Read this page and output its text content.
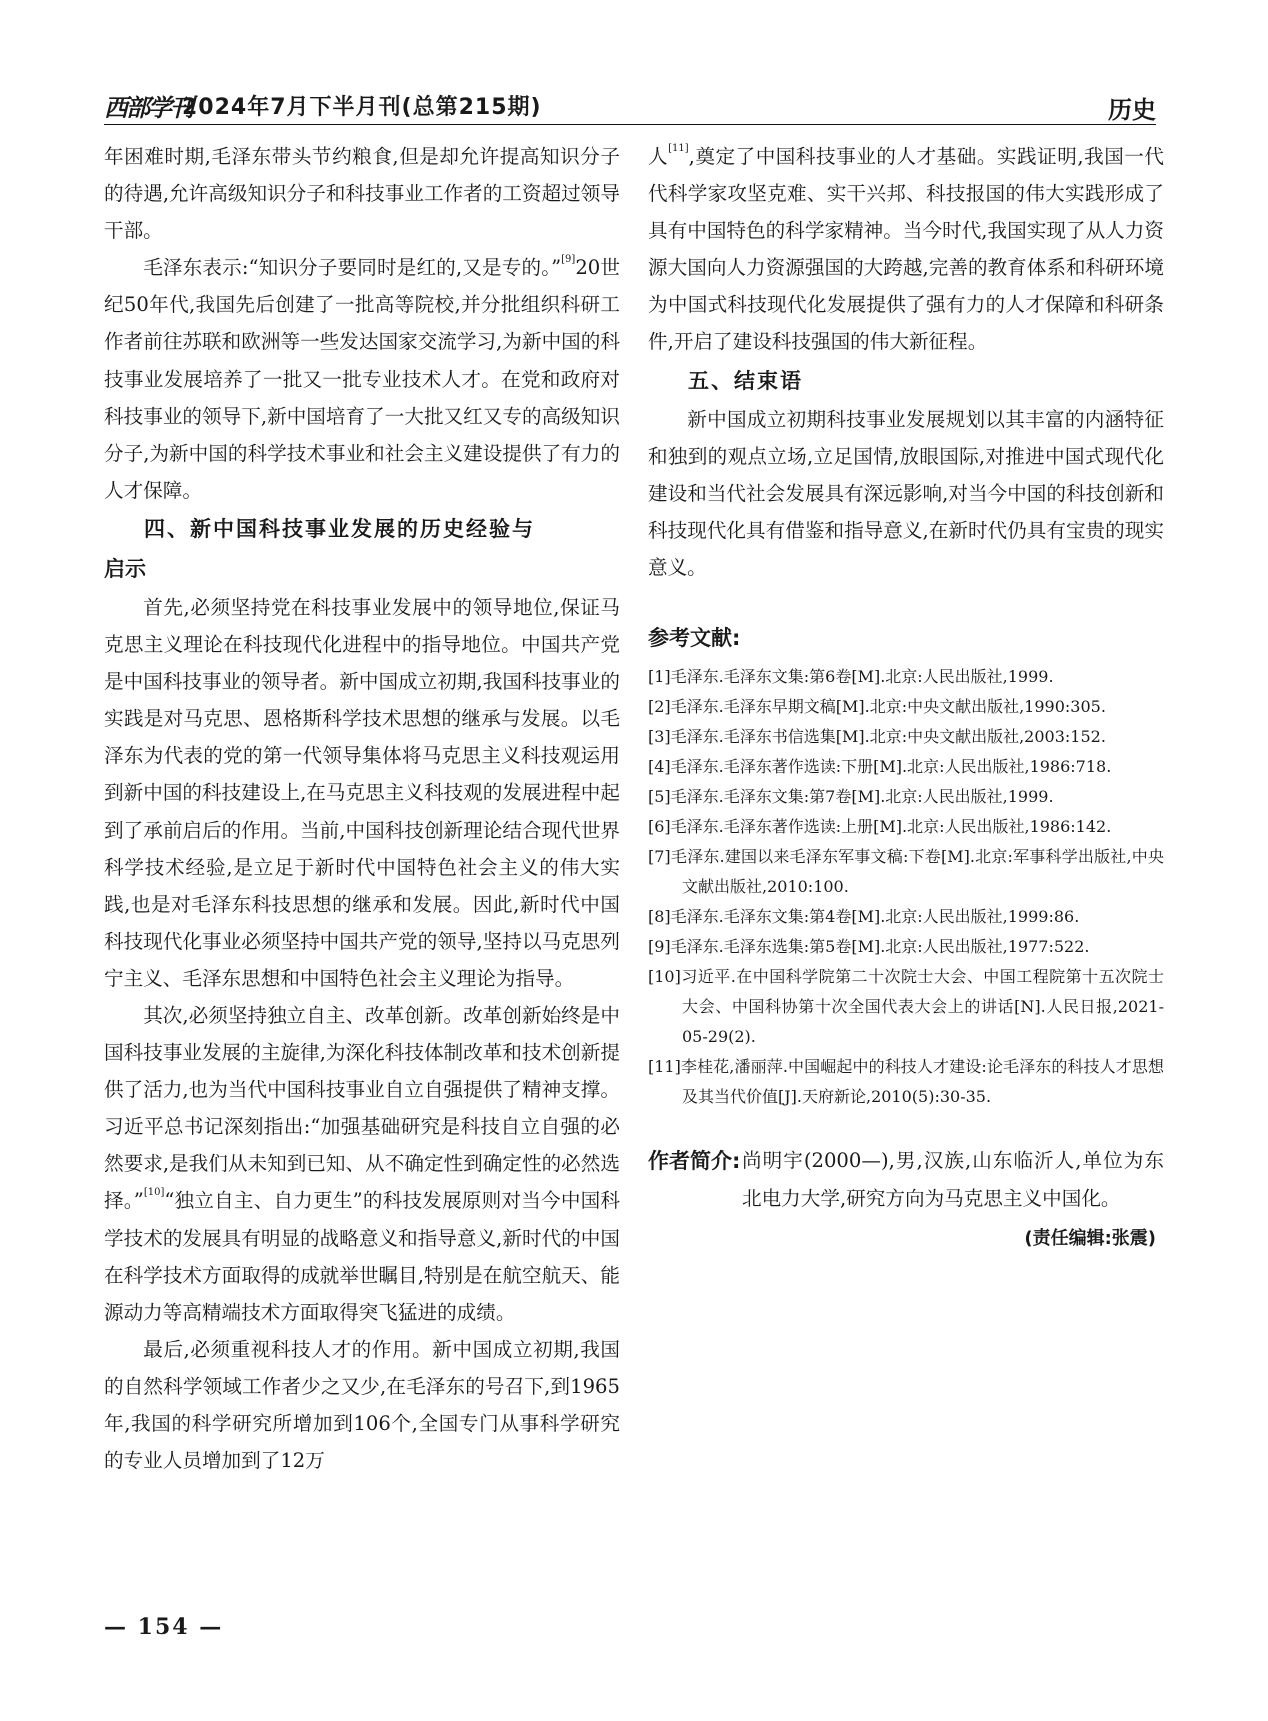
西部学刊
2024年7月下半月刊(总第215期)	历史

年困难时期,毛泽东带头节约粮食,但是却允许提高知识分子的待遇,允许高级知识分子和科技事业工作者的工资超过领导干部。

毛泽东表示:“知识分子要同时是红的,又是专的。”[9]20世纪50年代,我国先后创建了一批高等院校,并分批组织科研工作者前往苏联和欧洲等一些发达国家交流学习,为新中国的科技事业发展培养了一批又一批专业技术人才。在党和政府对科技事业的领导下,新中国培育了一大批又红又专的高级知识分子,为新中国的科学技术事业和社会主义建设提供了有力的人才保障。

四、新中国科技事业发展的历史经验与
启示

首先,必须坚持党在科技事业发展中的领导地位,保证马克思主义理论在科技现代化进程中的指导地位。中国共产党是中国科技事业的领导者。新中国成立初期,我国科技事业的实践是对马克思、恩格斯科学技术思想的继承与发展。以毛泽东为代表的党的第一代领导集体将马克思主义科技观运用到新中国的科技建设上,在马克思主义科技观的发展进程中起到了承前启后的作用。当前,中国科技创新理论结合现代世界科学技术经验,是立足于新时代中国特色社会主义的伟大实践,也是对毛泽东科技思想的继承和发展。因此,新时代中国科技现代化事业必须坚持中国共产党的领导,坚持以马克思列宁主义、毛泽东思想和中国特色社会主义理论为指导。

其次,必须坚持独立自主、改革创新。改革创新始终是中国科技事业发展的主旋律,为深化科技体制改革和技术创新提供了活力,也为当代中国科技事业自立自强提供了精神支撑。习近平总书记深刻指出:“加强基础研究是科技自立自强的必然要求,是我们从未知到已知、从不确定性到确定性的必然选择。”[10]“独立自主、自力更生”的科技发展原则对当今中国科学技术的发展具有明显的战略意义和指导意义,新时代的中国在科学技术方面取得的成就举世瞩目,特别是在航空航天、能源动力等高精端技术方面取得突飞猛进的成绩。

最后,必须重视科技人才的作用。新中国成立初期,我国的自然科学领域工作者少之又少,在毛泽东的号召下,到1965年,我国的科学研究所增加到106个,全国专门从事科学研究的专业人员增加到了12万

人[11],奠定了中国科技事业的人才基础。实践证明,我国一代代科学家攻坚克难、实干兴邦、科技报国的伟大实践形成了具有中国特色的科学家精神。当今时代,我国实现了从人力资源大国向人力资源强国的大跨越,完善的教育体系和科研环境为中国式科技现代化发展提供了强有力的人才保障和科研条件,开启了建设科技强国的伟大新征程。

五、结束语

新中国成立初期科技事业发展规划以其丰富的内涵特征和独到的观点立场,立足国情,放眼国际,对推进中国式现代化建设和当代社会发展具有深远影响,对当今中国的科技创新和科技现代化具有借鉴和指导意义,在新时代仍具有宝贵的现实意义。

参考文献:

[1]毛泽东.毛泽东文集:第6卷[M].北京:人民出版社,1999.

[2]毛泽东.毛泽东早期文稿[M].北京:中央文献出版社,1990:305.

[3]毛泽东.毛泽东书信选集[M].北京:中央文献出版社,2003:152.

[4]毛泽东.毛泽东著作选读:下册[M].北京:人民出版社,1986:718.

[5]毛泽东.毛泽东文集:第7卷[M].北京:人民出版社,1999.

[6]毛泽东.毛泽东著作选读:上册[M].北京:人民出版社,1986:142.

[7]毛泽东.建国以来毛泽东军事文稿:下卷[M].北京:军事科学出版社,中央文献出版社,2010:100.

[8]毛泽东.毛泽东文集:第4卷[M].北京:人民出版社,1999:86.

[9]毛泽东.毛泽东选集:第5卷[M].北京:人民出版社,1977:522.

[10]习近平.在中国科学院第二十次院士大会、中国工程院第十五次院士大会、中国科协第十次全国代表大会上的讲话[N].人民日报,2021-05-29(2).

[11]李桂花,潘丽萍.中国崛起中的科技人才建设:论毛泽东的科技人才思想及其当代价值[J].天府新论,2010(5):30-35.

作者简介: 尚明宇(2000—),男,汉族,山东临沂人,单位为东北电力大学,研究方向为马克思主义中国化。
(责任编辑:张震)
— 154 —
